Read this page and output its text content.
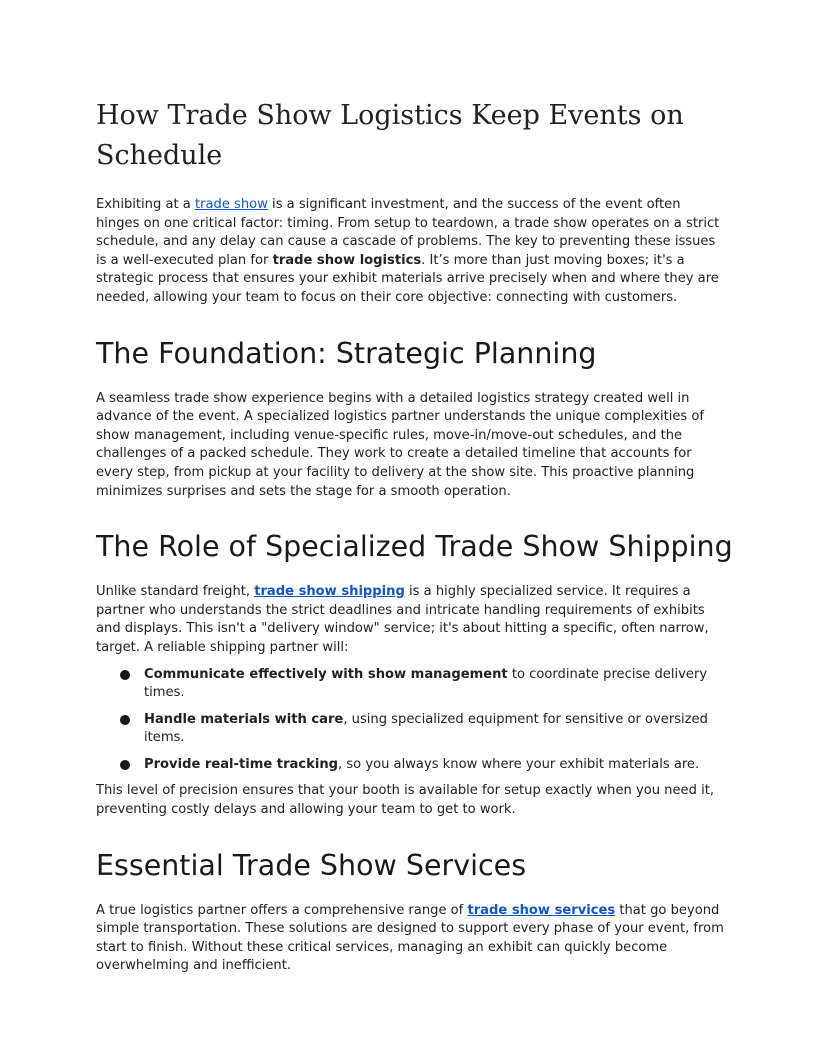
How Trade Show Logistics Keep Events on Schedule

Exhibiting at a trade show is a significant investment, and the success of the event often hinges on one critical factor: timing. From setup to teardown, a trade show operates on a strict schedule, and any delay can cause a cascade of problems. The key to preventing these issues is a well-executed plan for trade show logistics. It’s more than just moving boxes; it's a strategic process that ensures your exhibit materials arrive precisely when and where they are needed, allowing your team to focus on their core objective: connecting with customers.

The Foundation: Strategic Planning

A seamless trade show experience begins with a detailed logistics strategy created well in advance of the event. A specialized logistics partner understands the unique complexities of show management, including venue-specific rules, move-in/move-out schedules, and the challenges of a packed schedule. They work to create a detailed timeline that accounts for every step, from pickup at your facility to delivery at the show site. This proactive planning minimizes surprises and sets the stage for a smooth operation.

The Role of Specialized Trade Show Shipping

Unlike standard freight, trade show shipping is a highly specialized service. It requires a partner who understands the strict deadlines and intricate handling requirements of exhibits and displays. This isn't a "delivery window" service; it's about hitting a specific, often narrow, target. A reliable shipping partner will:

Communicate effectively with show management to coordinate precise delivery times.
Handle materials with care, using specialized equipment for sensitive or oversized items.
Provide real-time tracking, so you always know where your exhibit materials are.

This level of precision ensures that your booth is available for setup exactly when you need it, preventing costly delays and allowing your team to get to work.

Essential Trade Show Services

A true logistics partner offers a comprehensive range of trade show services that go beyond simple transportation. These solutions are designed to support every phase of your event, from start to finish. Without these critical services, managing an exhibit can quickly become overwhelming and inefficient.
